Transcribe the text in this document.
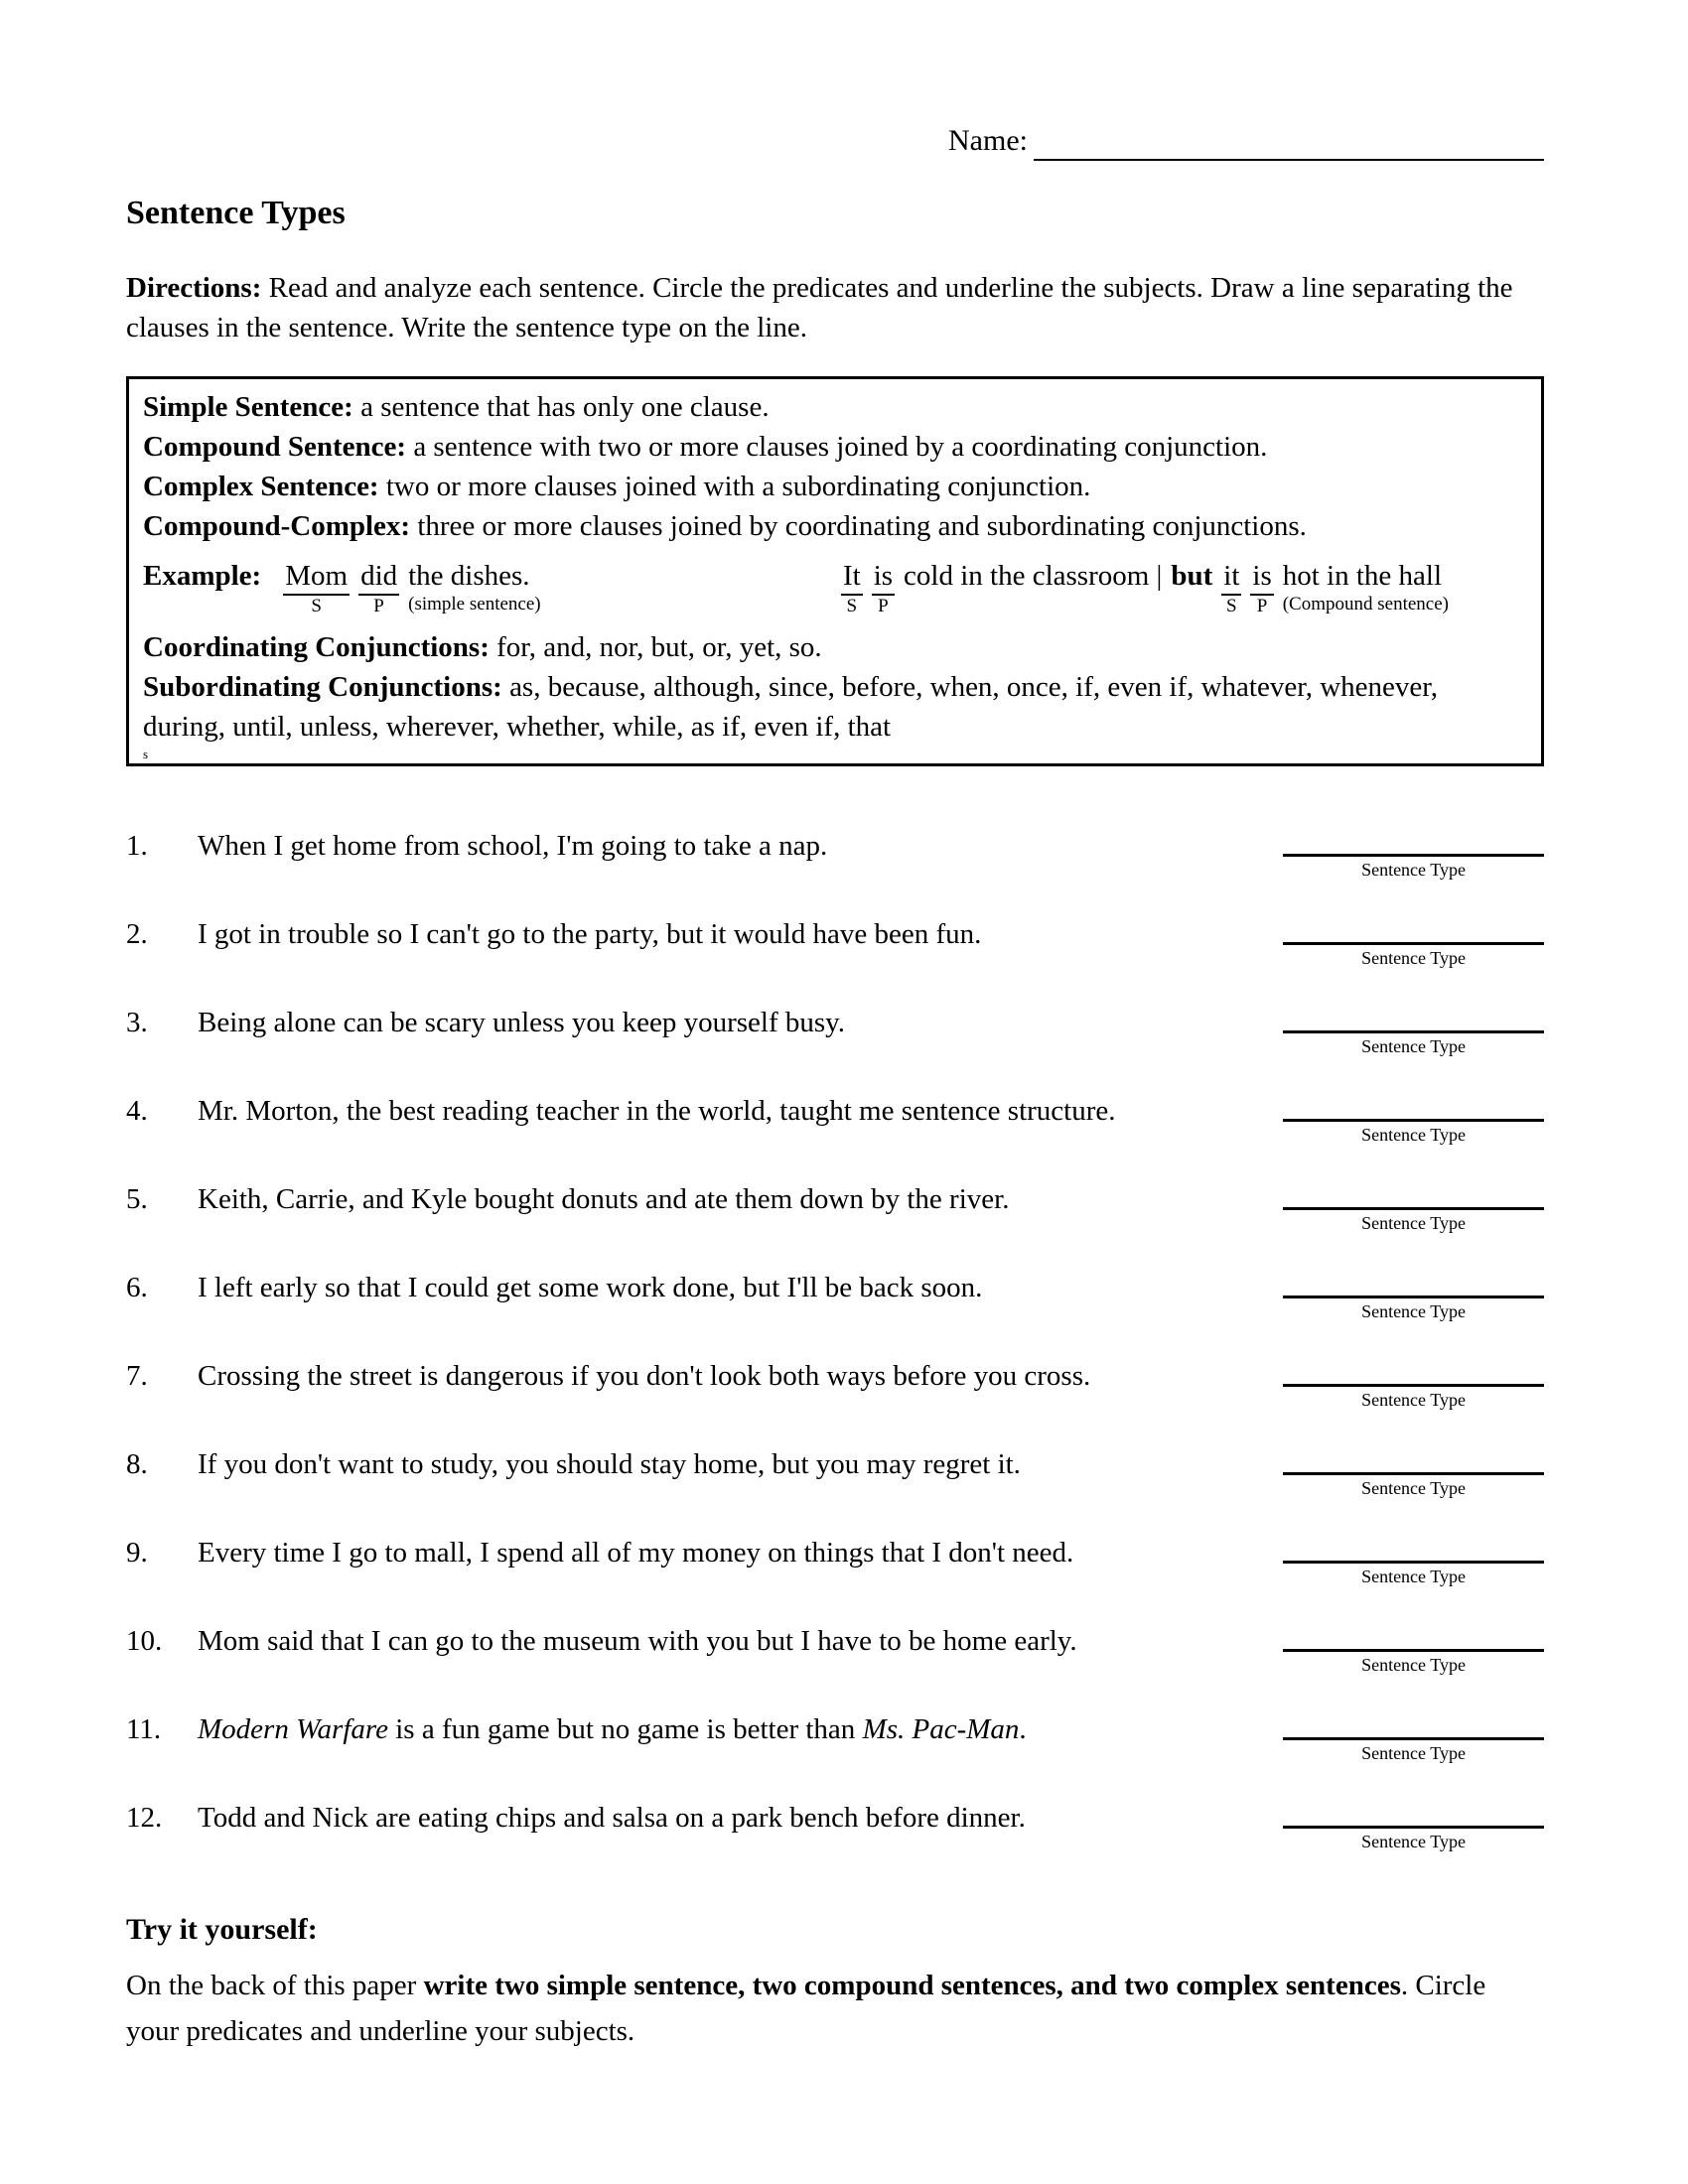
Name:
Sentence Types

Directions: Read and analyze each sentence. Circle the predicates and underline the subjects. Draw a line separating the clauses in the sentence. Write the sentence type on the line.

Simple Sentence: a sentence that has only one clause.

Compound Sentence: a sentence with two or more clauses joined by a coordinating conjunction.

Complex Sentence: two or more clauses joined with a subordinating conjunction.

Compound-Complex: three or more clauses joined by coordinating and subordinating conjunctions.

Example: Mom
S
did
P
the dishes.
(simple sentence)
It
S
is
P
cold in the classroom | but it
S
is
P
hot in the hall
(Compound sentence)

Coordinating Conjunctions: for, and, nor, but, or, yet, so.

Subordinating Conjunctions: as, because, although, since, before, when, once, if, even if, whatever, whenever, during, until, unless, wherever, whether, while, as if, even if, that

s
1.	When I get home from school, I'm going to take a nap.
Sentence Type
2.	I got in trouble so I can't go to the party, but it would have been fun.
Sentence Type
3.	Being alone can be scary unless you keep yourself busy.
Sentence Type
4.	Mr. Morton, the best reading teacher in the world, taught me sentence structure.
Sentence Type
5.	Keith, Carrie, and Kyle bought donuts and ate them down by the river.
Sentence Type
6.	I left early so that I could get some work done, but I'll be back soon.
Sentence Type
7.	Crossing the street is dangerous if you don't look both ways before you cross.
Sentence Type
8.	If you don't want to study, you should stay home, but you may regret it.
Sentence Type
9.	Every time I go to mall, I spend all of my money on things that I don't need.
Sentence Type
10.	Mom said that I can go to the museum with you but I have to be home early.
Sentence Type
11.	Modern Warfare is a fun game but no game is better than Ms. Pac-Man.
Sentence Type
12.	Todd and Nick are eating chips and salsa on a park bench before dinner.
Sentence Type
Try it yourself:

On the back of this paper write two simple sentence, two compound sentences, and two complex sentences. Circle your predicates and underline your subjects.
